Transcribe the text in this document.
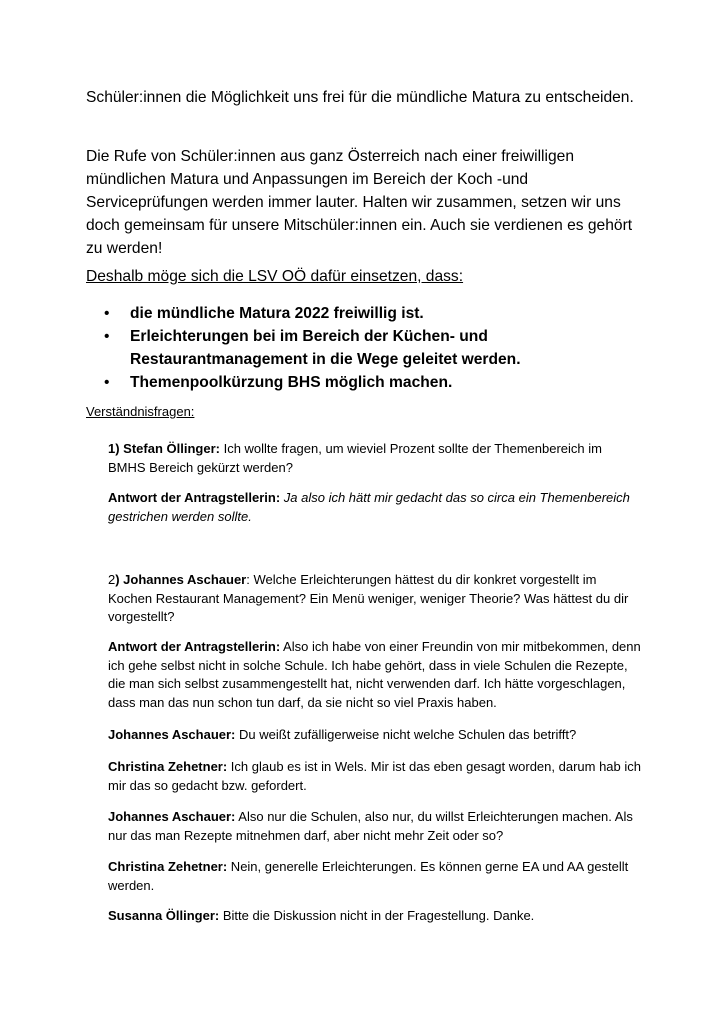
Schüler:innen die Möglichkeit uns frei für die mündliche Matura zu entscheiden.

Die Rufe von Schüler:innen aus ganz Österreich nach einer freiwilligen mündlichen Matura und Anpassungen im Bereich der Koch -und Serviceprüfungen werden immer lauter. Halten wir zusammen, setzen wir uns doch gemeinsam für unsere Mitschüler:innen ein. Auch sie verdienen es gehört zu werden!

Deshalb möge sich die LSV OÖ dafür einsetzen, dass:

• die mündliche Matura 2022 freiwillig ist.
• Erleichterungen bei im Bereich der Küchen- und Restaurantmanagement in die Wege geleitet werden.
• Themenpoolkürzung BHS möglich machen.

Verständnisfragen:

1) Stefan Öllinger: Ich wollte fragen, um wieviel Prozent sollte der Themenbereich im BMHS Bereich gekürzt werden?

Antwort der Antragstellerin: Ja also ich hätt mir gedacht das so circa ein Themenbereich gestrichen werden sollte.

2) Johannes Aschauer: Welche Erleichterungen hättest du dir konkret vorgestellt im Kochen Restaurant Management? Ein Menü weniger, weniger Theorie? Was hättest du dir vorgestellt?

Antwort der Antragstellerin: Also ich habe von einer Freundin von mir mitbekommen, denn ich gehe selbst nicht in solche Schule. Ich habe gehört, dass in viele Schulen die Rezepte, die man sich selbst zusammengestellt hat, nicht verwenden darf. Ich hätte vorgeschlagen, dass man das nun schon tun darf, da sie nicht so viel Praxis haben.

Johannes Aschauer: Du weißt zufälligerweise nicht welche Schulen das betrifft?

Christina Zehetner: Ich glaub es ist in Wels. Mir ist das eben gesagt worden, darum hab ich mir das so gedacht bzw. gefordert.

Johannes Aschauer: Also nur die Schulen, also nur, du willst Erleichterungen machen. Als nur das man Rezepte mitnehmen darf, aber nicht mehr Zeit oder so?

Christina Zehetner: Nein, generelle Erleichterungen. Es können gerne EA und AA gestellt werden.

Susanna Öllinger: Bitte die Diskussion nicht in der Fragestellung. Danke.
